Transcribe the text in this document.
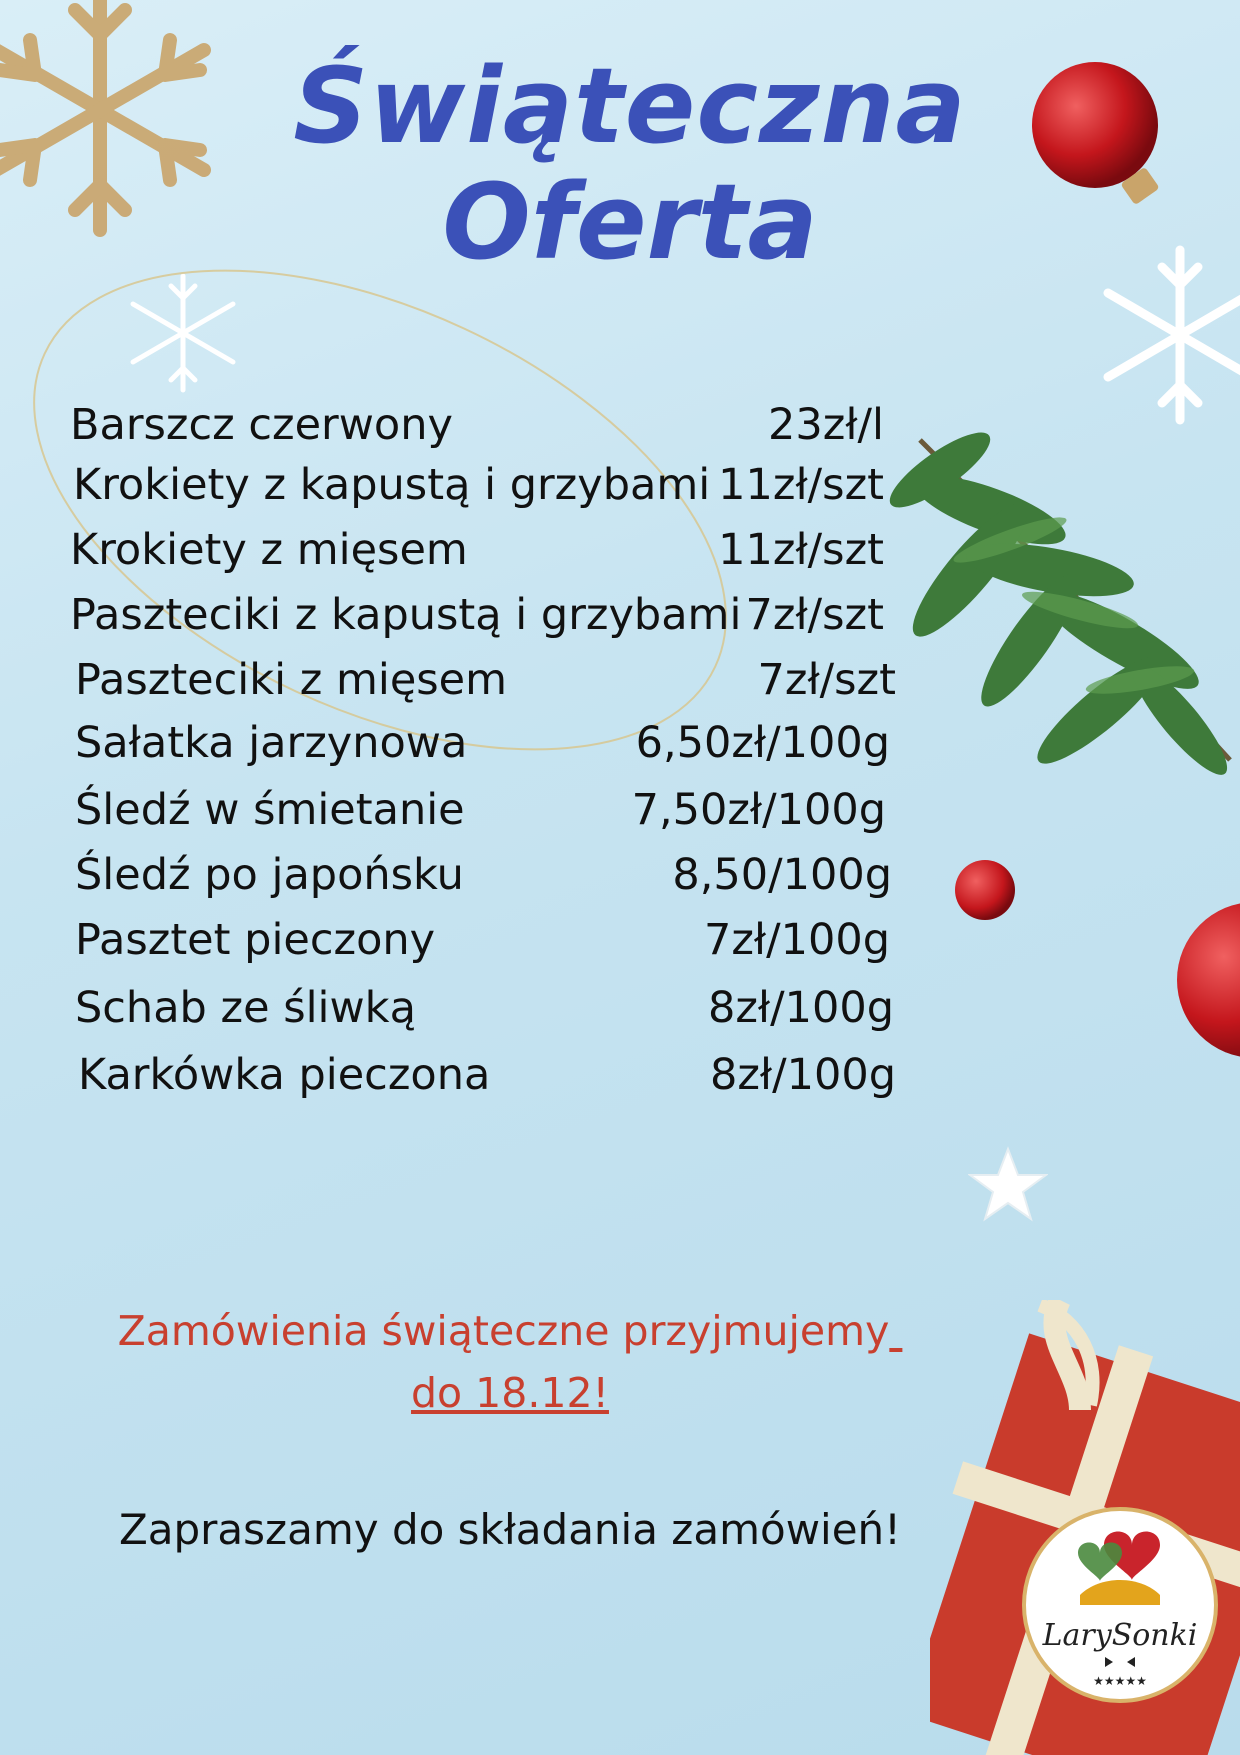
LarySonki
★★★★★
Świąteczna
Oferta
Barszcz czerwony	23zł/l
Krokiety z kapustą i grzybami 11zł/szt
Krokiety z mięsem	11zł/szt
Paszteciki z kapustą i grzybami 7zł/szt
Paszteciki z mięsem	7zł/szt
Sałatka jarzynowa	6,50zł/100g
Śledź w śmietanie	7,50zł/100g
Śledź po japońsku	8,50/100g
Pasztet pieczony	7zł/100g
Schab ze śliwką	8zł/100g
Karkówka pieczona	8zł/100g
Zamówienia świąteczne przyjmujemy
do 18.12!
Zapraszamy do składania zamówień!
